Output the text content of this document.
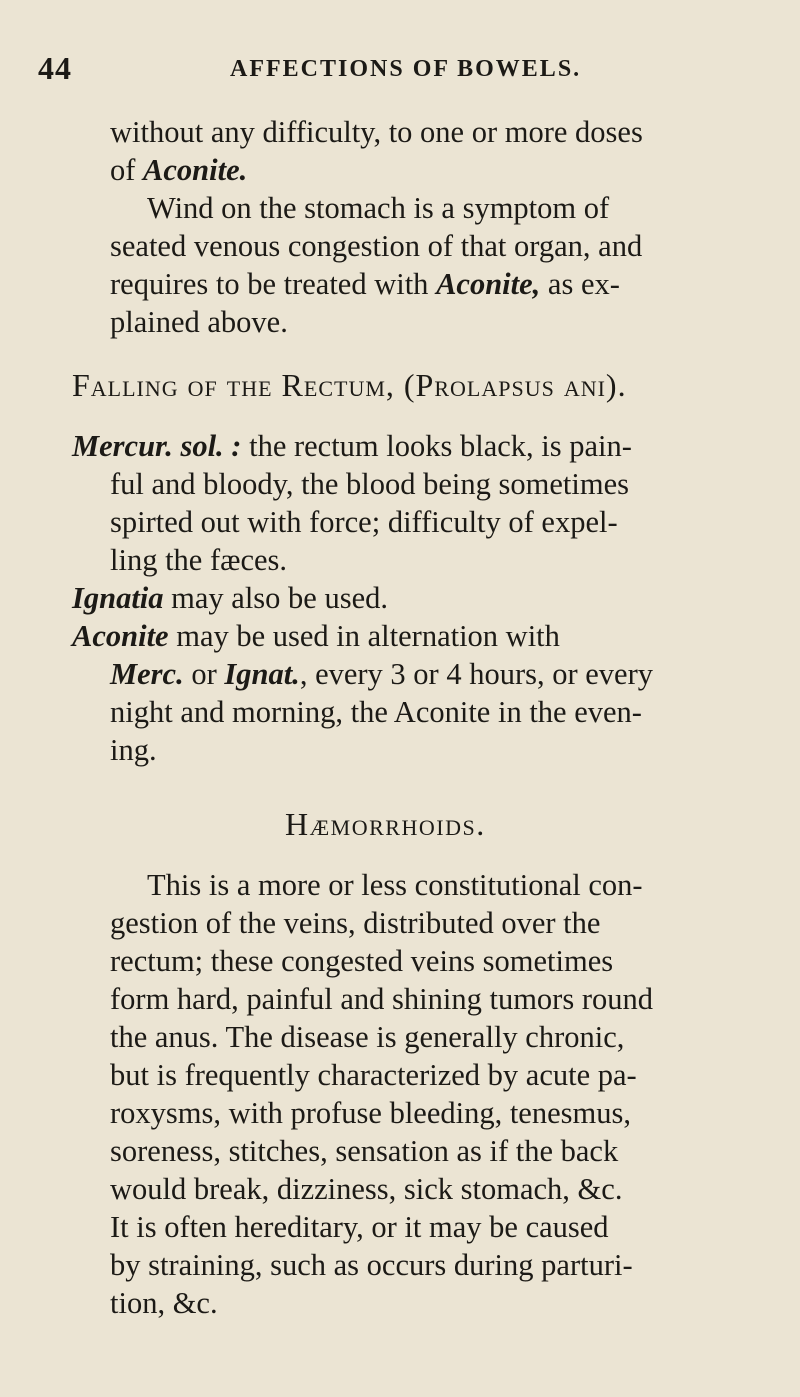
44	AFFECTIONS OF BOWELS.
without any difficulty, to one or more doses
of Aconite.
Wind on the stomach is a symptom of
seated venous congestion of that organ, and
requires to be treated with Aconite, as ex-
plained above.
Falling of the Rectum, (Prolapsus ani).
Mercur. sol. : the rectum looks black, is pain-
ful and bloody, the blood being sometimes
spirted out with force; difficulty of expel-
ling the fæces.
Ignatia may also be used.
Aconite may be used in alternation with
Merc. or Ignat., every 3 or 4 hours, or every
night and morning, the Aconite in the even-
ing.
Hæmorrhoids.
This is a more or less constitutional con-
gestion of the veins, distributed over the
rectum; these congested veins sometimes
form hard, painful and shining tumors round
the anus. The disease is generally chronic,
but is frequently characterized by acute pa-
roxysms, with profuse bleeding, tenesmus,
soreness, stitches, sensation as if the back
would break, dizziness, sick stomach, &c.
It is often hereditary, or it may be caused
by straining, such as occurs during parturi-
tion, &c.
